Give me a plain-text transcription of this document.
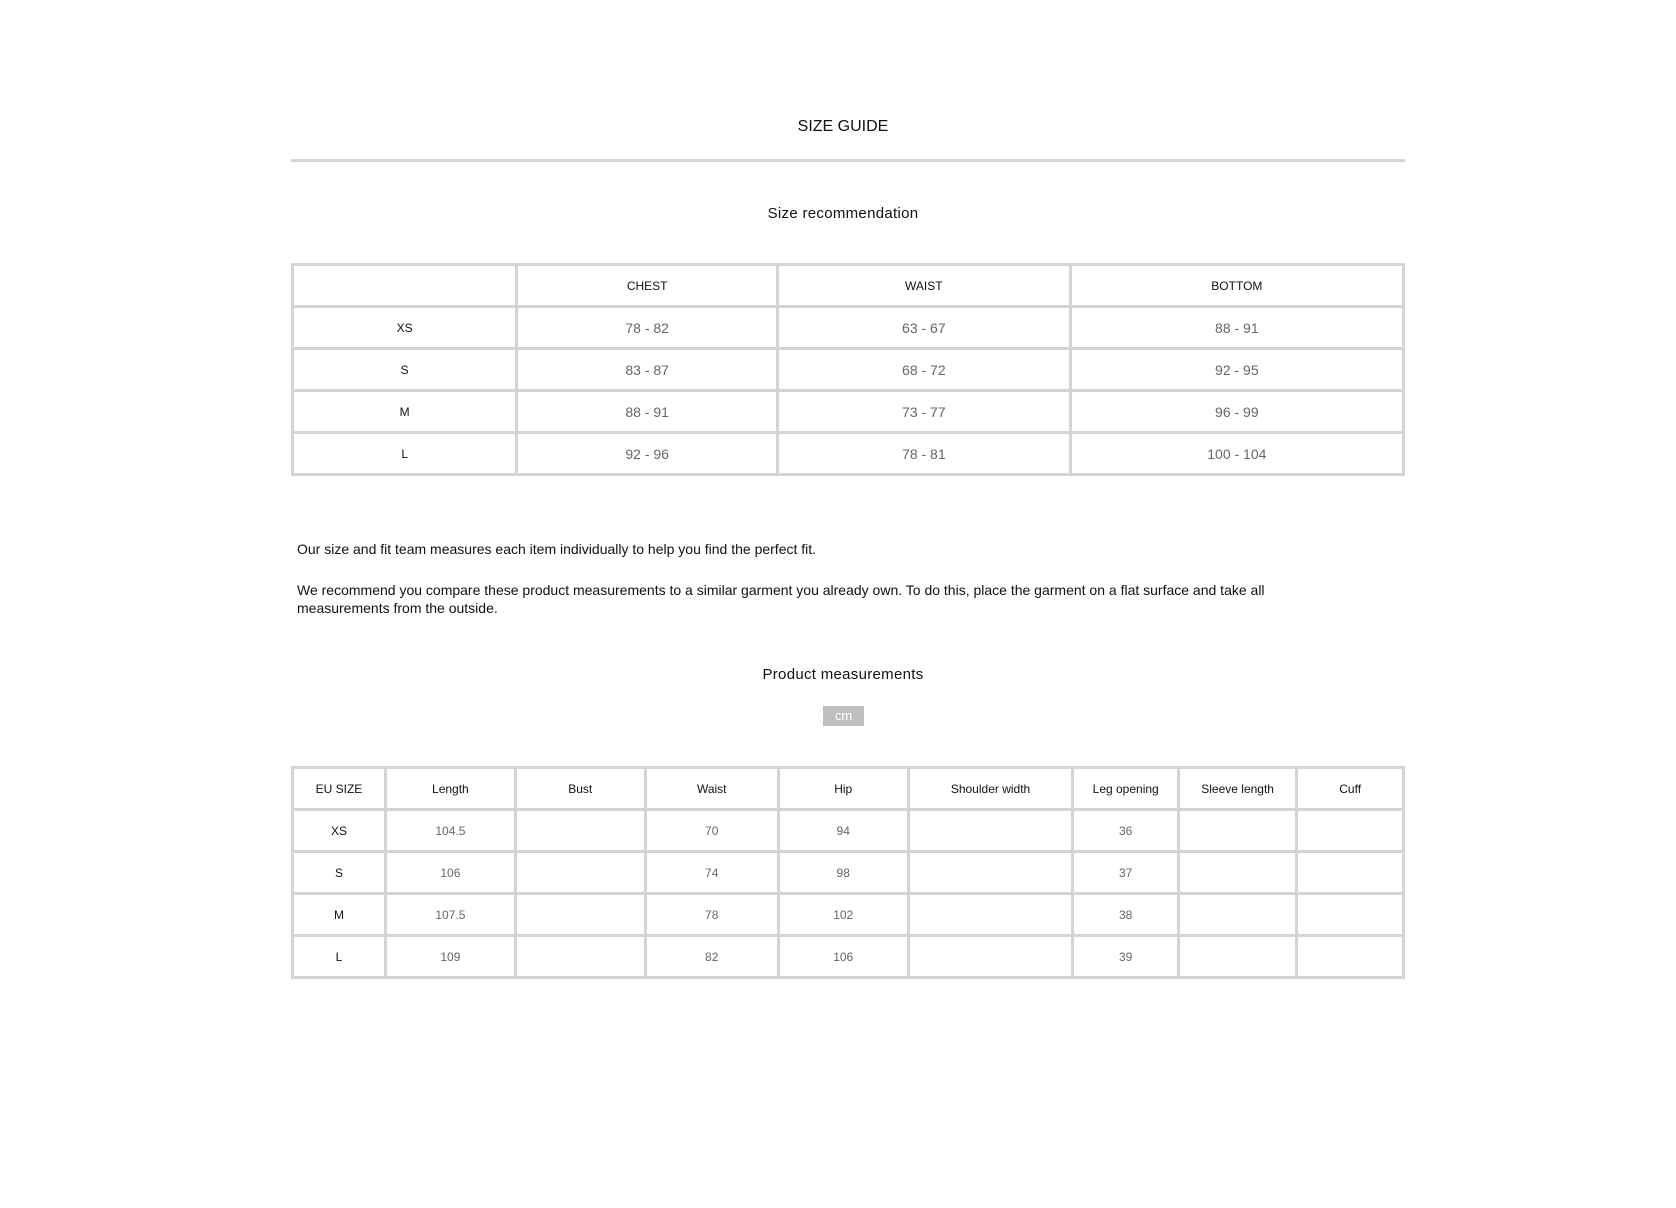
SIZE GUIDE
Size recommendation
	CHEST	WAIST	BOTTOM
XS	78 - 82	63 - 67	88 - 91
S	83 - 87	68 - 72	92 - 95
M	88 - 91	73 - 77	96 - 99
L	92 - 96	78 - 81	100 - 104
Our size and fit team measures each item individually to help you find the perfect fit.
We recommend you compare these product measurements to a similar garment you already own. To do this, place the garment on a flat surface and take all measurements from the outside.
Product measurements
cm
EU SIZE	Length	Bust	Waist	Hip	Shoulder width	Leg opening	Sleeve length	Cuff
XS	104.5		70	94		36		
S	106		74	98		37		
M	107.5		78	102		38		
L	109		82	106		39		
